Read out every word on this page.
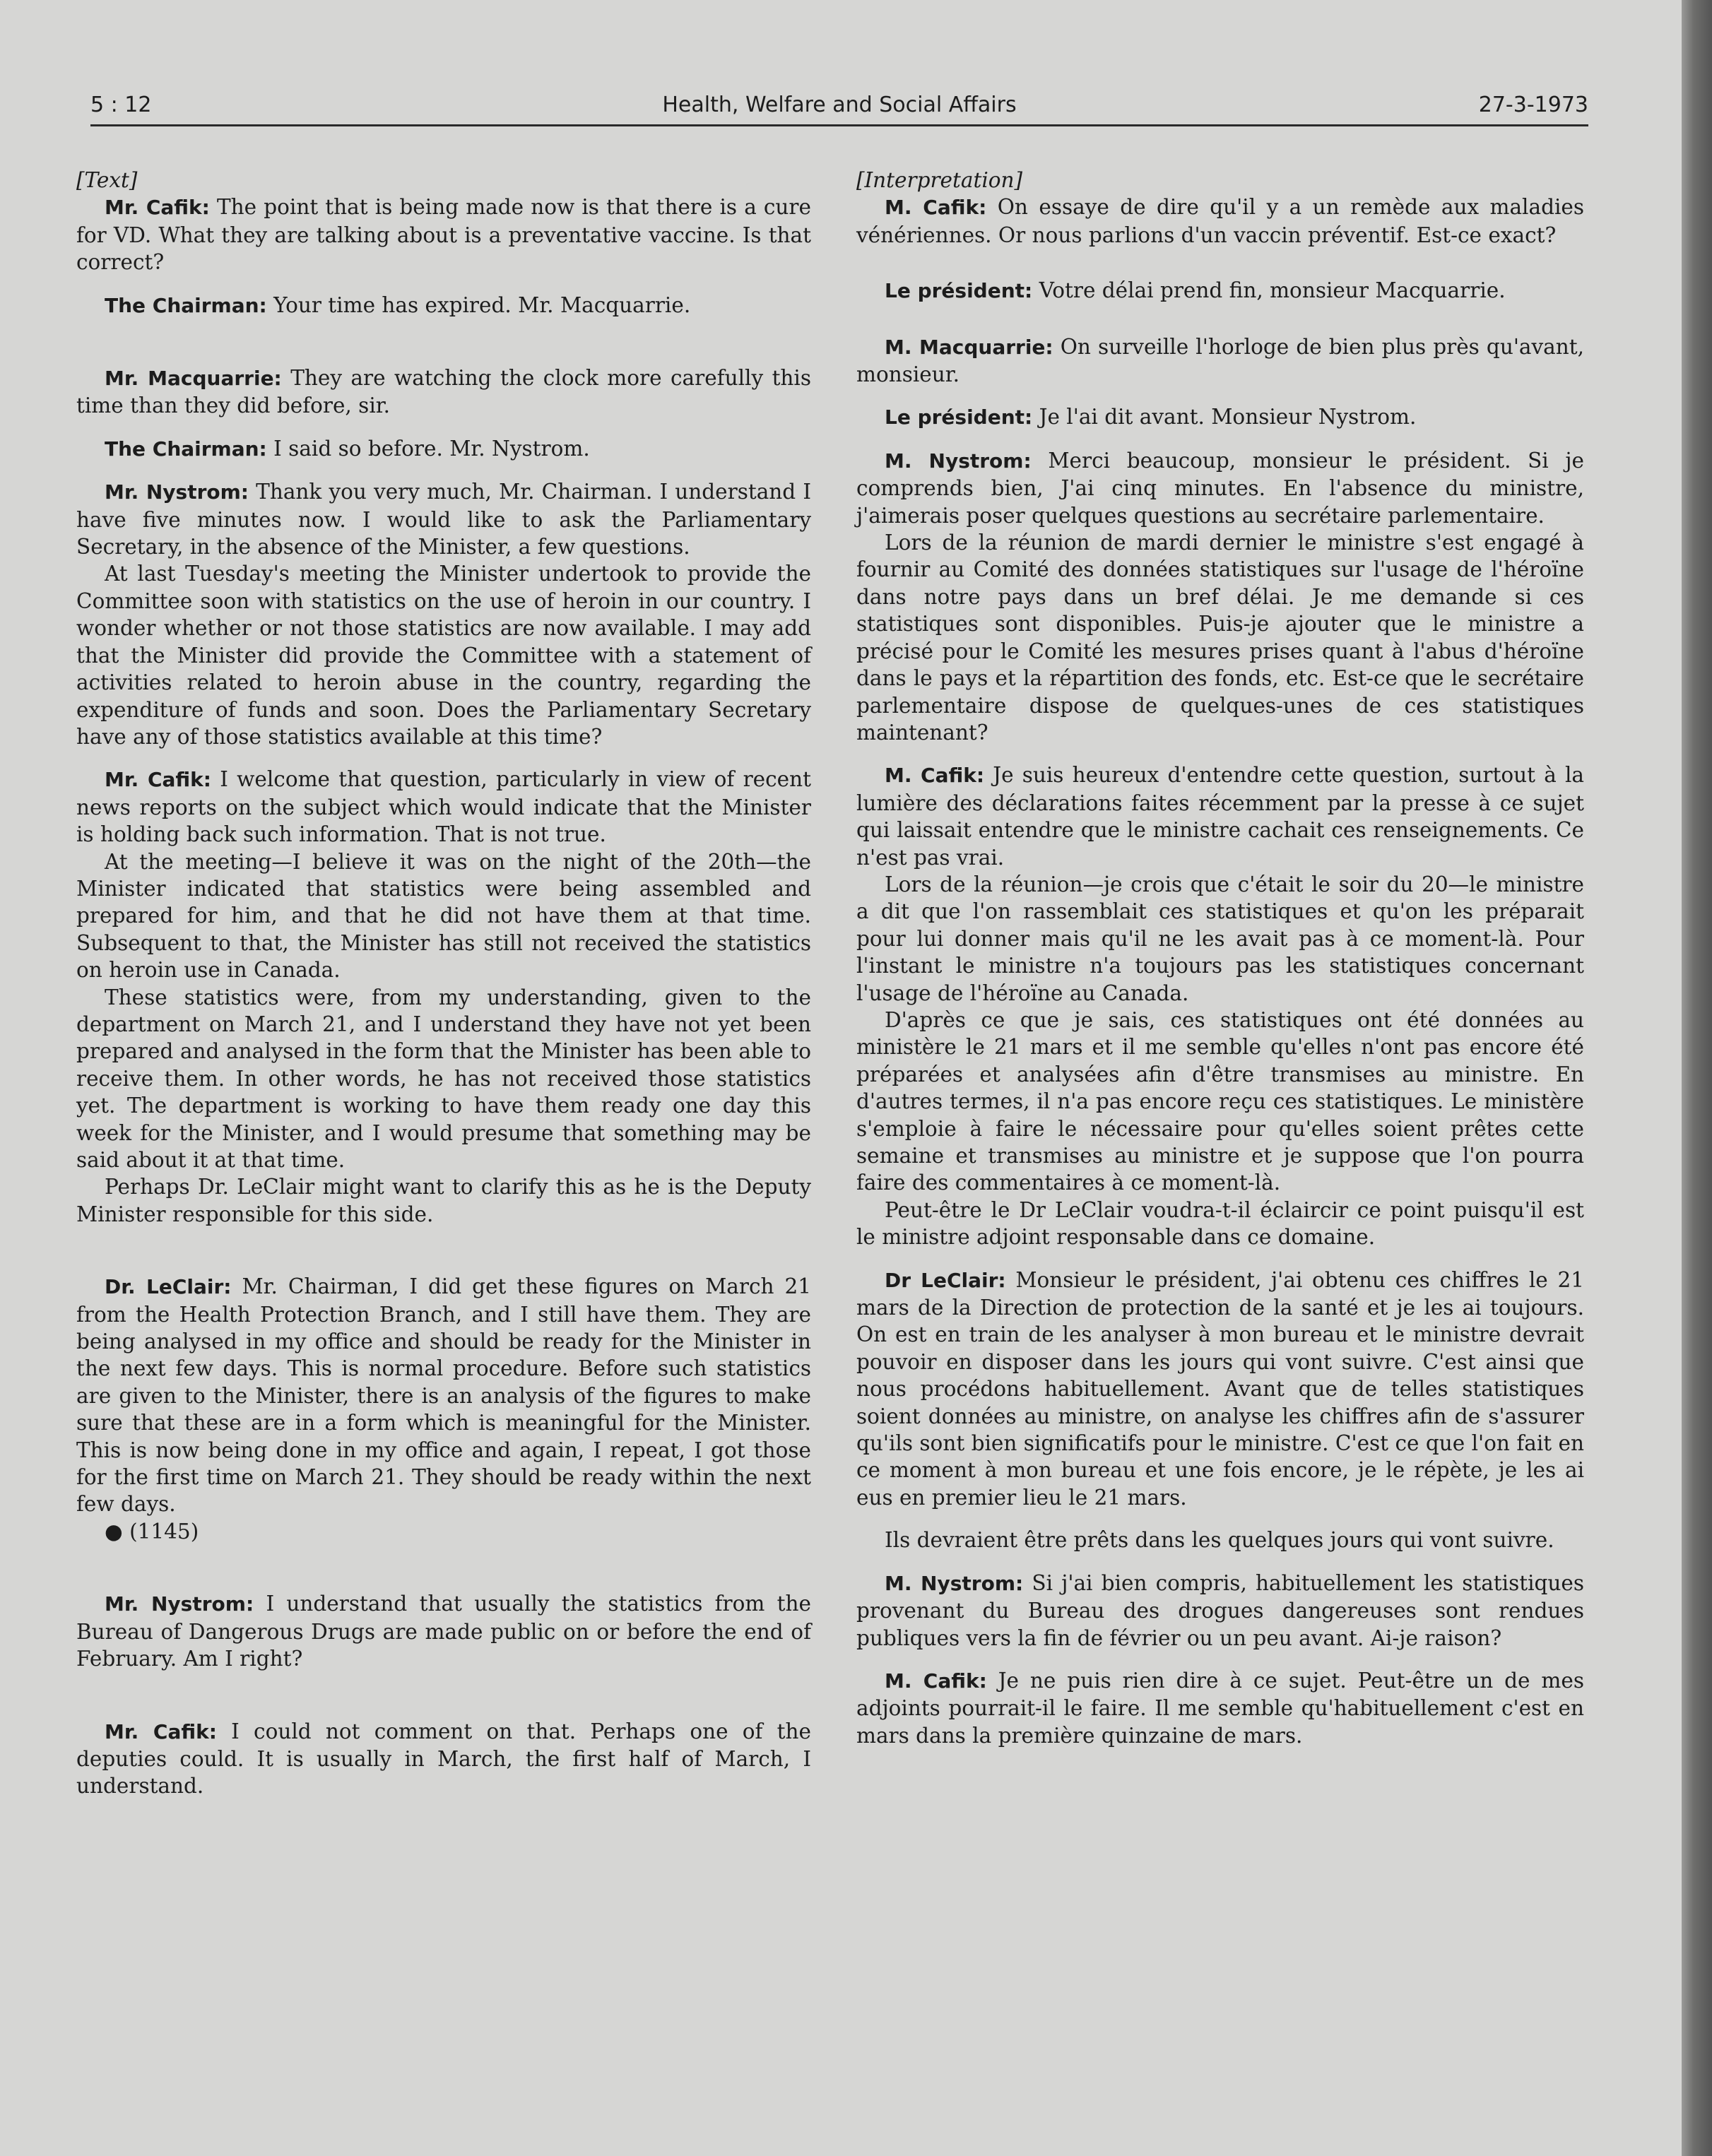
Health, Welfare and Social Affairs
5 : 12	27-3-1973

[Text]

Mr. Cafik: The point that is being made now is that there is a cure for VD. What they are talking about is a preventative vaccine. Is that correct?

The Chairman: Your time has expired. Mr. Macquarrie.

Mr. Macquarrie: They are watching the clock more carefully this time than they did before, sir.

The Chairman: I said so before. Mr. Nystrom.

Mr. Nystrom: Thank you very much, Mr. Chairman. I understand I have five minutes now. I would like to ask the Parliamentary Secretary, in the absence of the Minister, a few questions.

At last Tuesday's meeting the Minister undertook to provide the Committee soon with statistics on the use of heroin in our country. I wonder whether or not those statistics are now available. I may add that the Minister did provide the Committee with a statement of activities related to heroin abuse in the country, regarding the expenditure of funds and soon. Does the Parliamentary Secretary have any of those statistics available at this time?

Mr. Cafik: I welcome that question, particularly in view of recent news reports on the subject which would indicate that the Minister is holding back such information. That is not true.

At the meeting—I believe it was on the night of the 20th—the Minister indicated that statistics were being assembled and prepared for him, and that he did not have them at that time. Subsequent to that, the Minister has still not received the statistics on heroin use in Canada.

These statistics were, from my understanding, given to the department on March 21, and I understand they have not yet been prepared and analysed in the form that the Minister has been able to receive them. In other words, he has not received those statistics yet. The department is working to have them ready one day this week for the Minister, and I would presume that something may be said about it at that time.

Perhaps Dr. LeClair might want to clarify this as he is the Deputy Minister responsible for this side.

Dr. LeClair: Mr. Chairman, I did get these figures on March 21 from the Health Protection Branch, and I still have them. They are being analysed in my office and should be ready for the Minister in the next few days. This is normal procedure. Before such statistics are given to the Minister, there is an analysis of the figures to make sure that these are in a form which is meaningful for the Minister. This is now being done in my office and again, I repeat, I got those for the first time on March 21. They should be ready within the next few days.

● (1145)

Mr. Nystrom: I understand that usually the statistics from the Bureau of Dangerous Drugs are made public on or before the end of February. Am I right?

Mr. Cafik: I could not comment on that. Perhaps one of the deputies could. It is usually in March, the first half of March, I understand.

[Interpretation]

M. Cafik: On essaye de dire qu'il y a un remède aux maladies vénériennes. Or nous parlions d'un vaccin préventif. Est-ce exact?

Le président: Votre délai prend fin, monsieur Macquarrie.

M. Macquarrie: On surveille l'horloge de bien plus près qu'avant, monsieur.

Le président: Je l'ai dit avant. Monsieur Nystrom.

M. Nystrom: Merci beaucoup, monsieur le président. Si je comprends bien, J'ai cinq minutes. En l'absence du ministre, j'aimerais poser quelques questions au secrétaire parlementaire.

Lors de la réunion de mardi dernier le ministre s'est engagé à fournir au Comité des données statistiques sur l'usage de l'héroïne dans notre pays dans un bref délai. Je me demande si ces statistiques sont disponibles. Puis-je ajouter que le ministre a précisé pour le Comité les mesures prises quant à l'abus d'héroïne dans le pays et la répartition des fonds, etc. Est-ce que le secrétaire parlementaire dispose de quelques-unes de ces statistiques maintenant?

M. Cafik: Je suis heureux d'entendre cette question, surtout à la lumière des déclarations faites récemment par la presse à ce sujet qui laissait entendre que le ministre cachait ces renseignements. Ce n'est pas vrai.

Lors de la réunion—je crois que c'était le soir du 20—le ministre a dit que l'on rassemblait ces statistiques et qu'on les préparait pour lui donner mais qu'il ne les avait pas à ce moment-là. Pour l'instant le ministre n'a toujours pas les statistiques concernant l'usage de l'héroïne au Canada.

D'après ce que je sais, ces statistiques ont été données au ministère le 21 mars et il me semble qu'elles n'ont pas encore été préparées et analysées afin d'être transmises au ministre. En d'autres termes, il n'a pas encore reçu ces statistiques. Le ministère s'emploie à faire le nécessaire pour qu'elles soient prêtes cette semaine et transmises au ministre et je suppose que l'on pourra faire des commentaires à ce moment-là.

Peut-être le Dr LeClair voudra-t-il éclaircir ce point puisqu'il est le ministre adjoint responsable dans ce domaine.

Dr LeClair: Monsieur le président, j'ai obtenu ces chiffres le 21 mars de la Direction de protection de la santé et je les ai toujours. On est en train de les analyser à mon bureau et le ministre devrait pouvoir en disposer dans les jours qui vont suivre. C'est ainsi que nous procédons habituellement. Avant que de telles statistiques soient données au ministre, on analyse les chiffres afin de s'assurer qu'ils sont bien significatifs pour le ministre. C'est ce que l'on fait en ce moment à mon bureau et une fois encore, je le répète, je les ai eus en premier lieu le 21 mars.

Ils devraient être prêts dans les quelques jours qui vont suivre.

M. Nystrom: Si j'ai bien compris, habituellement les statistiques provenant du Bureau des drogues dangereuses sont rendues publiques vers la fin de février ou un peu avant. Ai-je raison?

M. Cafik: Je ne puis rien dire à ce sujet. Peut-être un de mes adjoints pourrait-il le faire. Il me semble qu'habituellement c'est en mars dans la première quinzaine de mars.
